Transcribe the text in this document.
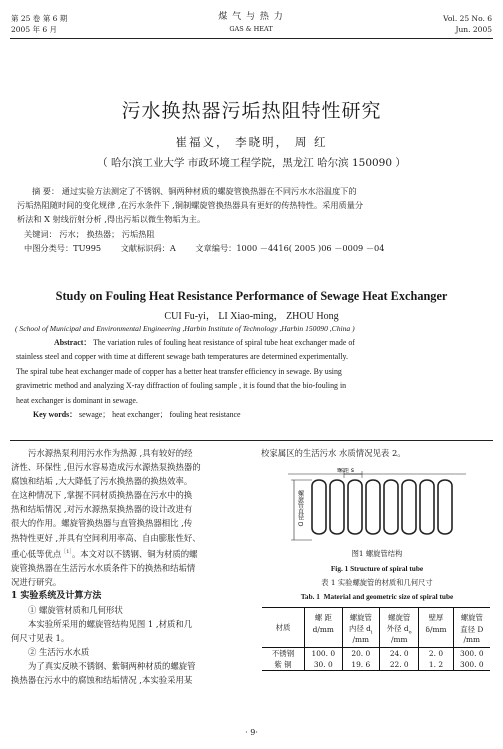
第 25 卷 第 6 期
2005 年 6 月
煤 气 与 热 力
GAS & HEAT
Vol. 25 No. 6
Jun. 2005
污水换热器污垢热阻特性研究
崔福义， 李晓明， 周 红
（ 哈尔滨工业大学 市政环境工程学院，黑龙江 哈尔滨 150090 ）

摘 要： 通过实验方法测定了不锈钢、铜两种材质的螺旋管换热器在不同污水水浴温度下的

污垢热阻随时间的变化规律 ,在污水条件下 ,铜制螺旋管换热器具有更好的传热特性。采用质量分

析法和 X 射线衍射分析 ,得出污垢以微生物垢为主。

关键词： 污水； 换热器； 污垢热阻

中图分类号：TU995 文献标识码：A 文章编号：1000 －4416( 2005 )06 －0009 －04

Study on Fouling Heat Resistance Performance of Sewage Heat Exchanger
CUI Fu-yi， LI Xiao-ming， ZHOU Hong
( School of Municipal and Environmental Engineering ,Harbin Institute of Technology ,Harbin 150090 ,China )

Abstract： The variation rules of fouling heat resistance of spiral tube heat exchanger made of

stainless steel and copper with time at different sewage bath temperatures are determined experimentally.

The spiral tube heat exchanger made of copper has a better heat transfer efficiency in sewage. By using

gravimetric method and analyzing X-ray diffraction of fouling sample , it is found that the bio-fouling in

heat exchanger is dominant in sewage.

Key words： sewage； heat exchanger； fouling heat resistance

污水源热泵利用污水作为热源 ,具有较好的经

济性、环保性 ,但污水容易造成污水源热泵换热器的

腐蚀和结垢 ,大大降低了污水换热器的换热效率。

在这种情况下 ,掌握不同材质换热器在污水中的换

热和结垢情况 ,对污水源热泵换热器的设计改进有

很大的作用。螺旋管换热器与直管换热器相比 ,传

热特性更好 ,并具有空间利用率高、自由膨胀性好、

重心低等优点$^{[1]}$。本文对以不锈钢、铜为材质的螺

旋管换热器在生活污水水质条件下的换热和结垢情

况进行研究。

1 实验系统及计算方法

① 螺旋管材质和几何形状

本实验所采用的螺旋管结构见图 1 ,材质和几

何尺寸见表 1。

② 生活污水水质

为了真实反映不锈钢、紫铜两种材质的螺旋管

换热器在污水中的腐蚀和结垢情况 ,本实验采用某

校家属区的生活污水 水质情况见表 2。

螺旋管直径 D
螺距 s
图1 螺旋管结构
Fig. 1 Structure of spiral tube
表 1 实验螺旋管的材质和几何尺寸
Tab. 1 Material and geometric size of spiral tube
材质	螺 距	螺旋管	螺旋管	壁厚	螺旋管
	d/mm	内径 $d_i$	外径 $d_o$	δ/mm	直径 D
		/mm	/mm		/mm
不锈钢	100. 0	20. 0	24. 0	2. 0	300. 0
紫 铜	30. 0	19. 6	22. 0	1. 2	300. 0
· 9·
